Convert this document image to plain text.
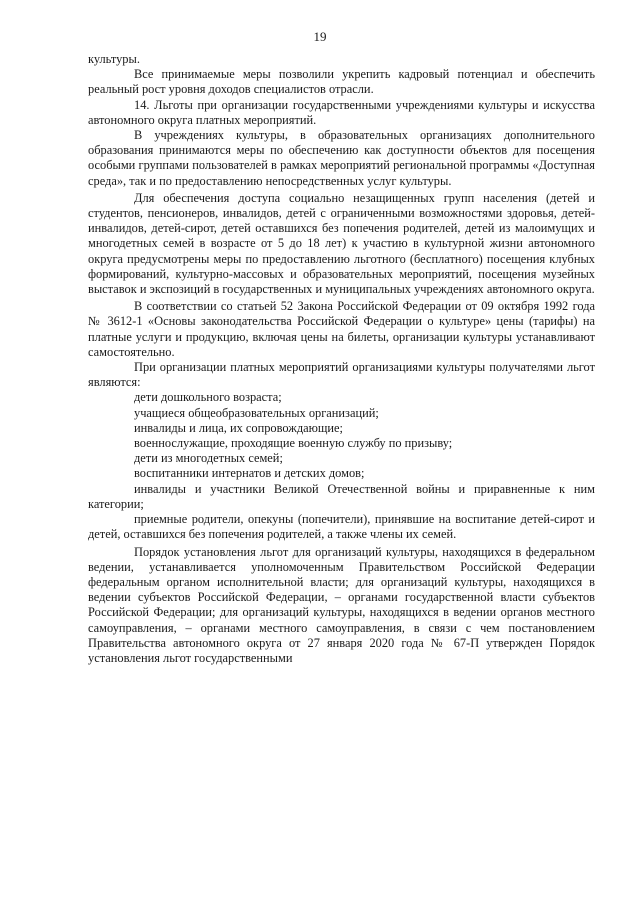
19

культуры.

Все принимаемые меры позволили укрепить кадровый потенциал и обеспечить реальный рост уровня доходов специалистов отрасли.

14. Льготы при организации государственными учреждениями культуры и искусства автономного округа платных мероприятий.

В учреждениях культуры, в образовательных организациях дополнительного образования принимаются меры по обеспечению как доступности объектов для посещения особыми группами пользователей в рамках мероприятий региональной программы «Доступная среда», так и по предоставлению непосредственных услуг культуры.

Для обеспечения доступа социально незащищенных групп населения (детей и студентов, пенсионеров, инвалидов, детей с ограниченными возможностями здоровья, детей-инвалидов, детей-сирот, детей оставшихся без попечения родителей, детей из малоимущих и многодетных семей в возрасте от 5 до 18 лет) к участию в культурной жизни автономного округа предусмотрены меры по предоставлению льготного (бесплатного) посещения клубных формирований, культурно-массовых и образовательных мероприятий, посещения музейных выставок и экспозиций в государственных и муниципальных учреждениях автономного округа.

В соответствии со статьей 52 Закона Российской Федерации от 09 октября 1992 года № 3612-1 «Основы законодательства Российской Федерации о культуре» цены (тарифы) на платные услуги и продукцию, включая цены на билеты, организации культуры устанавливают самостоятельно.

При организации платных мероприятий организациями культуры получателями льгот являются:

дети дошкольного возраста;

учащиеся общеобразовательных организаций;

инвалиды и лица, их сопровождающие;

военнослужащие, проходящие военную службу по призыву;

дети из многодетных семей;

воспитанники интернатов и детских домов;

инвалиды и участники Великой Отечественной войны и приравненные к ним категории;

приемные родители, опекуны (попечители), принявшие на воспитание детей-сирот и детей, оставшихся без попечения родителей, а также члены их семей.

Порядок установления льгот для организаций культуры, находящихся в федеральном ведении, устанавливается уполномоченным Правительством Российской Федерации федеральным органом исполнительной власти; для организаций культуры, находящихся в ведении субъектов Российской Федерации, – органами государственной власти субъектов Российской Федерации; для организаций культуры, находящихся в ведении органов местного самоуправления, – органами местного самоуправления, в связи с чем постановлением Правительства автономного округа от 27 января 2020 года № 67-П утвержден Порядок установления льгот государственными
